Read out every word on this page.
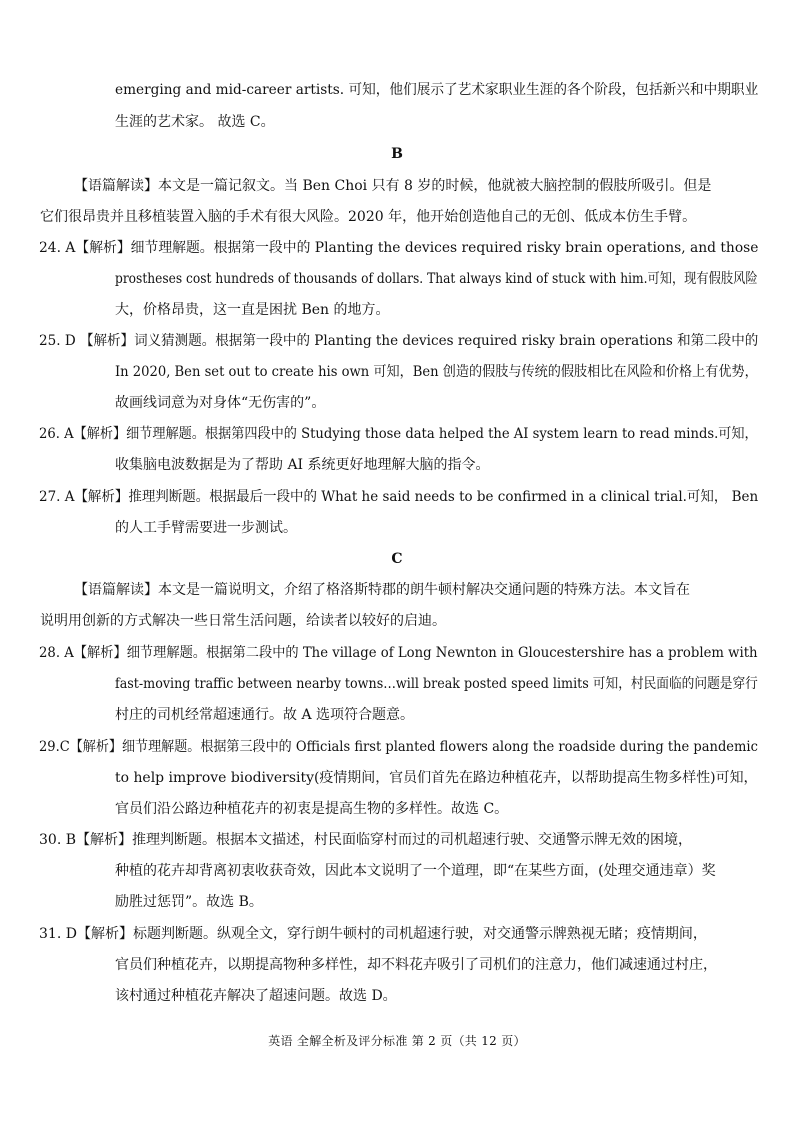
emerging and mid-career artists. 可知，他们展示了艺术家职业生涯的各个阶段，包括新兴和中期职业
生涯的艺术家。 故选 C。
B
【语篇解读】本文是一篇记叙文。当 Ben Choi 只有 8 岁的时候，他就被大脑控制的假肢所吸引。但是
它们很昂贵并且移植装置入脑的手术有很大风险。2020 年，他开始创造他自己的无创、低成本仿生手臂。
24. A【解析】细节理解题。根据第一段中的 Planting the devices required risky brain operations, and those
prostheses cost hundreds of thousands of dollars. That always kind of stuck with him.可知，现有假肢风险
大，价格昂贵，这一直是困扰 Ben 的地方。
25. D 【解析】词义猜测题。根据第一段中的 Planting the devices required risky brain operations 和第二段中的
In 2020, Ben set out to create his own 可知，Ben 创造的假肢与传统的假肢相比在风险和价格上有优势，
故画线词意为对身体“无伤害的”。
26. A【解析】细节理解题。根据第四段中的 Studying those data helped the AI system learn to read minds.可知，
收集脑电波数据是为了帮助 AI 系统更好地理解大脑的指令。
27. A【解析】推理判断题。根据最后一段中的 What he said needs to be confirmed in a clinical trial.可知， Ben
的人工手臂需要进一步测试。
C
【语篇解读】本文是一篇说明文，介绍了格洛斯特郡的朗牛顿村解决交通问题的特殊方法。本文旨在
说明用创新的方式解决一些日常生活问题，给读者以较好的启迪。
28. A【解析】细节理解题。根据第二段中的 The village of Long Newnton in Gloucestershire has a problem with
fast-moving traffic between nearby towns…will break posted speed limits 可知，村民面临的问题是穿行
村庄的司机经常超速通行。故 A 选项符合题意。
29.C【解析】细节理解题。根据第三段中的 Officials first planted flowers along the roadside during the pandemic
to help improve biodiversity(疫情期间，官员们首先在路边种植花卉，以帮助提高生物多样性)可知，
官员们沿公路边种植花卉的初衷是提高生物的多样性。故选 C。
30. B【解析】推理判断题。根据本文描述，村民面临穿村而过的司机超速行驶、交通警示牌无效的困境，
种植的花卉却背离初衷收获奇效，因此本文说明了一个道理，即“在某些方面，(处理交通违章）奖
励胜过惩罚”。故选 B。
31. D【解析】标题判断题。纵观全文，穿行朗牛顿村的司机超速行驶，对交通警示牌熟视无睹；疫情期间，
官员们种植花卉，以期提高物种多样性，却不料花卉吸引了司机们的注意力，他们减速通过村庄，
该村通过种植花卉解决了超速问题。故选 D。
英语 全解全析及评分标准 第 2 页（共 12 页）
